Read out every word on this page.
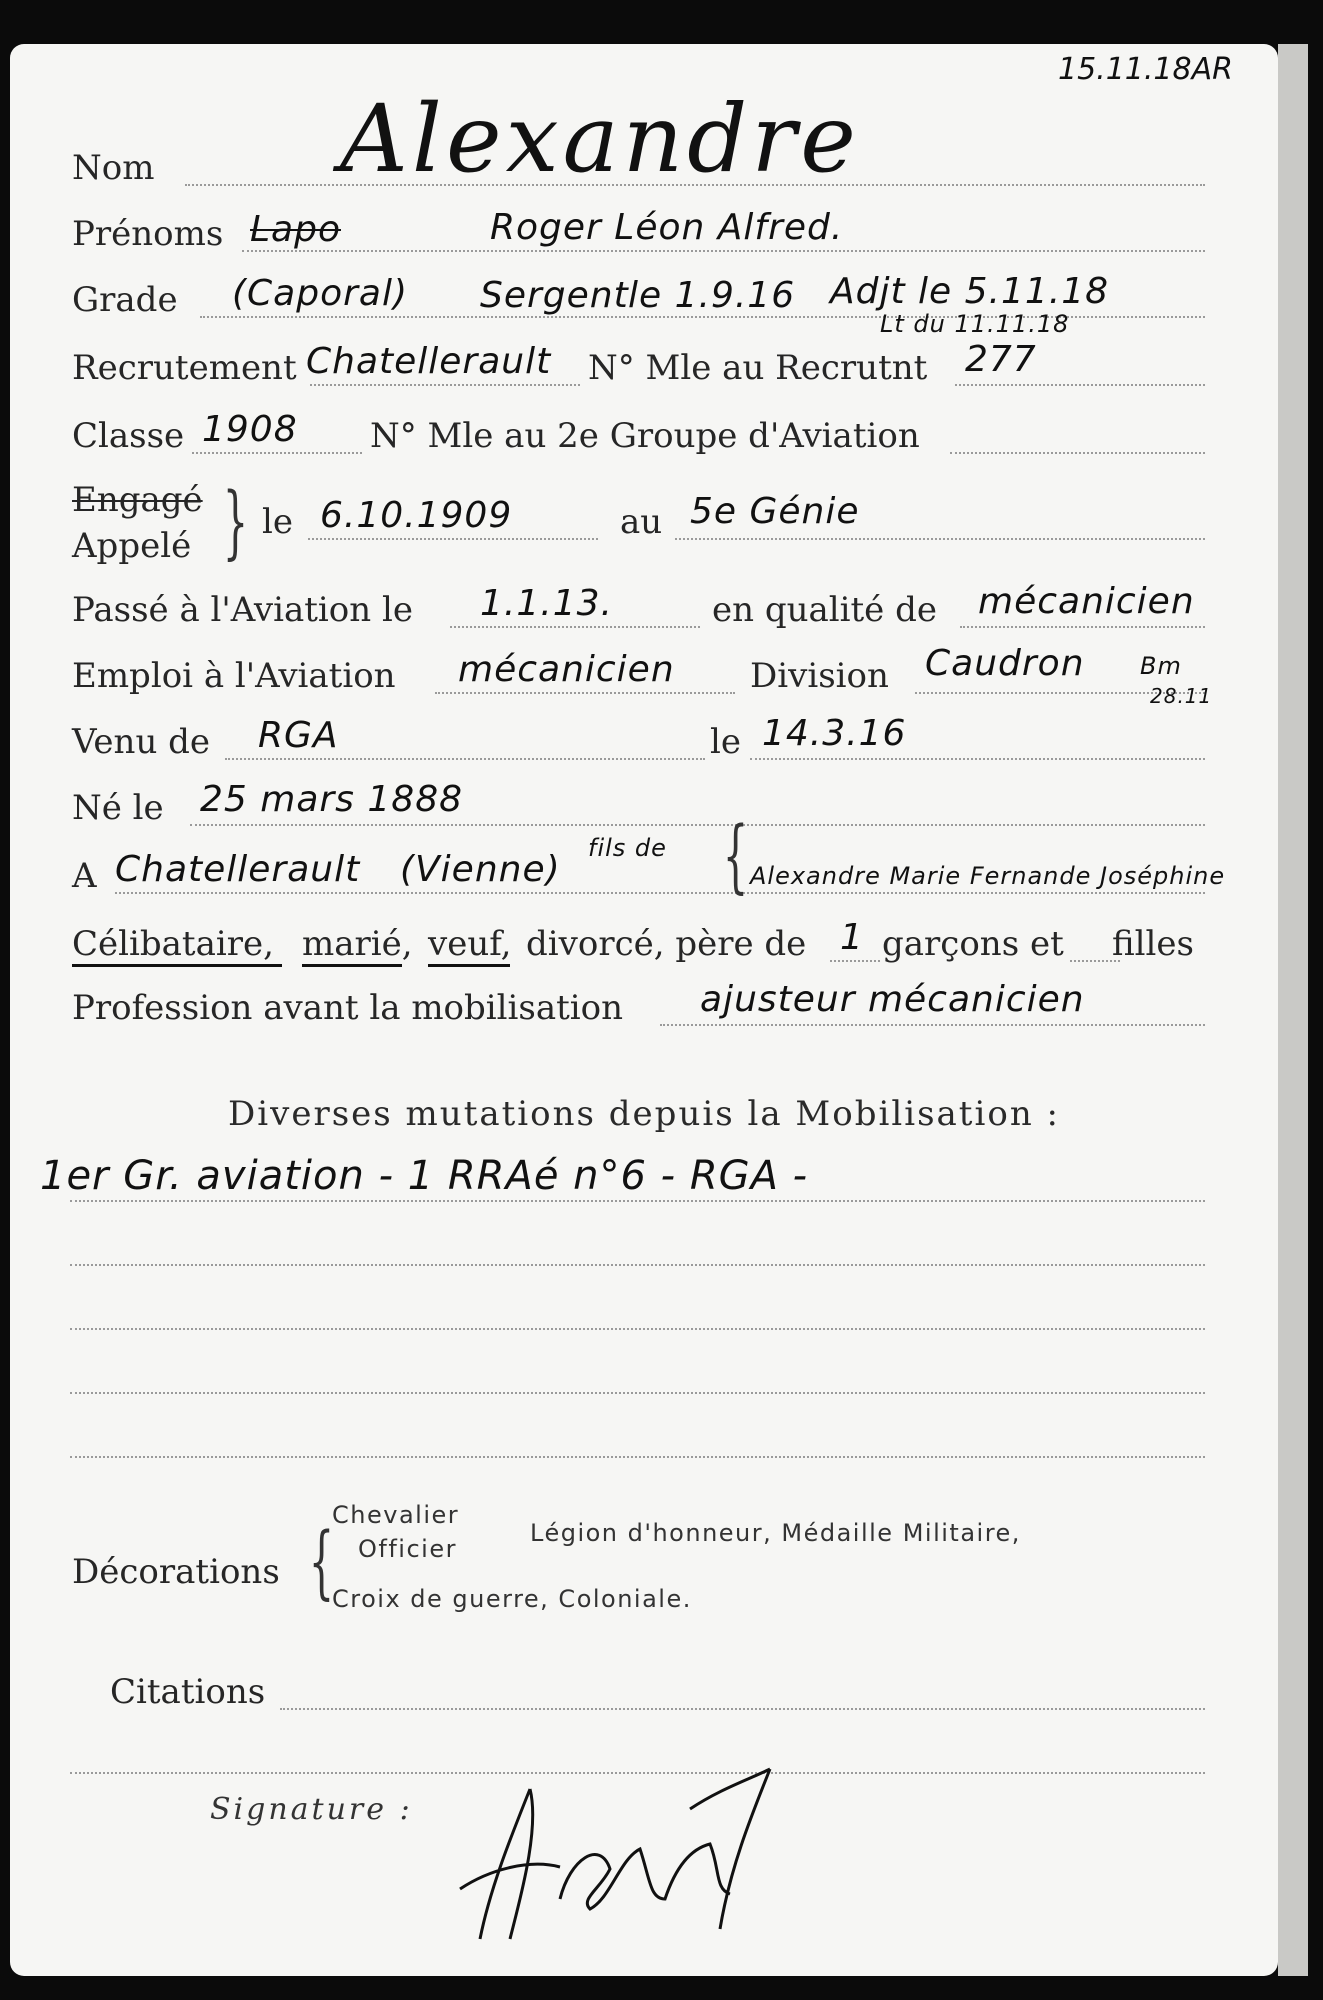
15.11.18AR
Nom Alexandre
Prénoms Lapo	Roger Léon Alfred.
Grade (Caporal) Sergent le 1.9.16 Adjt le 5.11.18
Lt du 11.11.18
Recrutement Chatellerault N° Mle au Recrutnt 277
Classe 1908 N° Mle au 2e Groupe d'Aviation
Engagé
Appelé } le 6.10.1909	au 5e Génie
Passé à l'Aviation le 1.1.13.	en qualité de mécanicien
Emploi à l'Aviation mécanicien Division Caudron Bm
28.11
Venu de RGA	le 14.3.16
Né le 25 mars 1888
A Chatellerault (Vienne)
fils de { Alexandre Marie Fernande Joséphine
Célibataire, marié, veuf, divorcé, père de 1 garçons et filles
Profession avant la mobilisation ajusteur mécanicien
Diverses mutations depuis la Mobilisation :
1er Gr. aviation - 1 RRAé n°6 - RGA -
Décorations {
Chevalier
Officier
Légion d'honneur, Médaille Militaire,
Croix de guerre, Coloniale.
Citations
Signature :
